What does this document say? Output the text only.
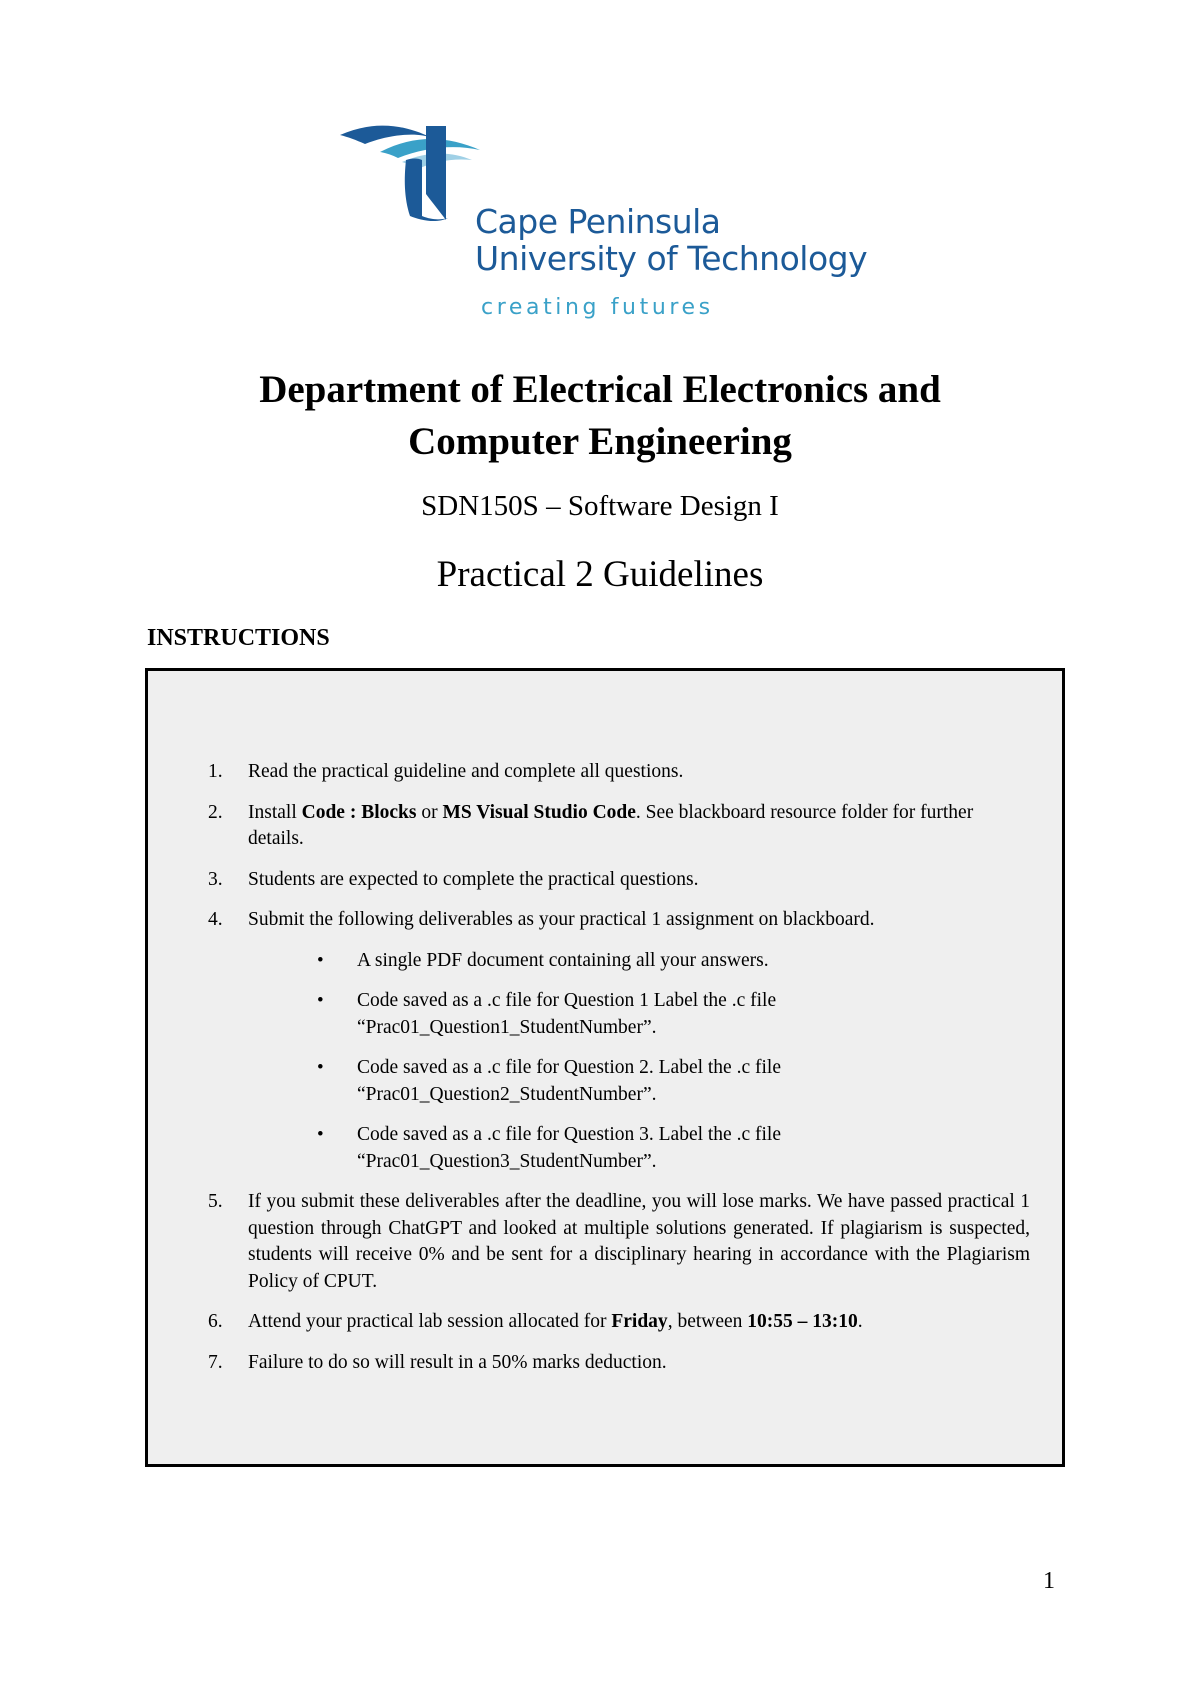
Cape Peninsula
University of Technology
creating futures
Department of Electrical Electronics and
Computer Engineering
SDN150S – Software Design I
Practical 2 Guidelines
INSTRUCTIONS
1. Read the practical guideline and complete all questions.
2. Install Code : Blocks or MS Visual Studio Code. See blackboard resource folder for further details.
3. Students are expected to complete the practical questions.
4. Submit the following deliverables as your practical 1 assignment on blackboard.
• A single PDF document containing all your answers.
• Code saved as a .c file for Question 1 Label the .c file
“Prac01_Question1_StudentNumber”.
• Code saved as a .c file for Question 2. Label the .c file
“Prac01_Question2_StudentNumber”.
• Code saved as a .c file for Question 3. Label the .c file
“Prac01_Question3_StudentNumber”.
5. If you submit these deliverables after the deadline, you will lose marks. We have passed practical 1 question through ChatGPT and looked at multiple solutions generated. If plagiarism is suspected, students will receive 0% and be sent for a disciplinary hearing in accordance with the Plagiarism Policy of CPUT.
6. Attend your practical lab session allocated for Friday, between 10:55 – 13:10.
7. Failure to do so will result in a 50% marks deduction.
1
